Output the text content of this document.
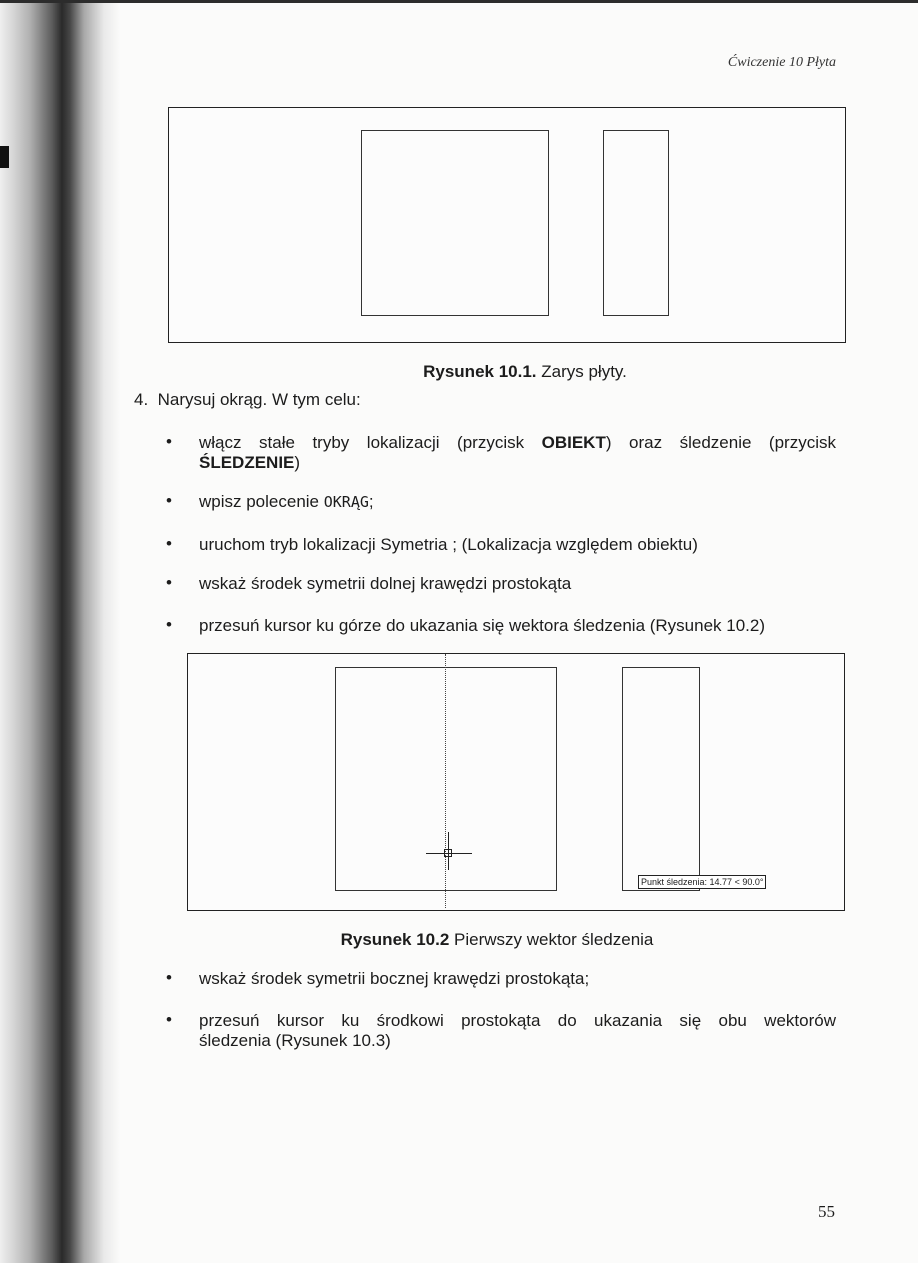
Ćwiczenie 10 Płyta
Rysunek 10.1. Zarys płyty.
4.  Narysuj okrąg. W tym celu:
• włącz stałe tryby lokalizacji (przycisk OBIEKT) oraz śledzenie (przycisk
ŚLEDZENIE)
• wpisz polecenie OKRĄG;
• uruchom tryb lokalizacji Symetria ; (Lokalizacja względem obiektu)
• wskaż środek symetrii dolnej krawędzi prostokąta
• przesuń kursor ku górze do ukazania się wektora śledzenia (Rysunek 10.2)
Punkt śledzenia: 14.77 < 90.0°
Rysunek 10.2 Pierwszy wektor śledzenia
• wskaż środek symetrii bocznej krawędzi prostokąta;
• przesuń kursor ku środkowi prostokąta do ukazania się obu wektorów
śledzenia (Rysunek 10.3)
55
